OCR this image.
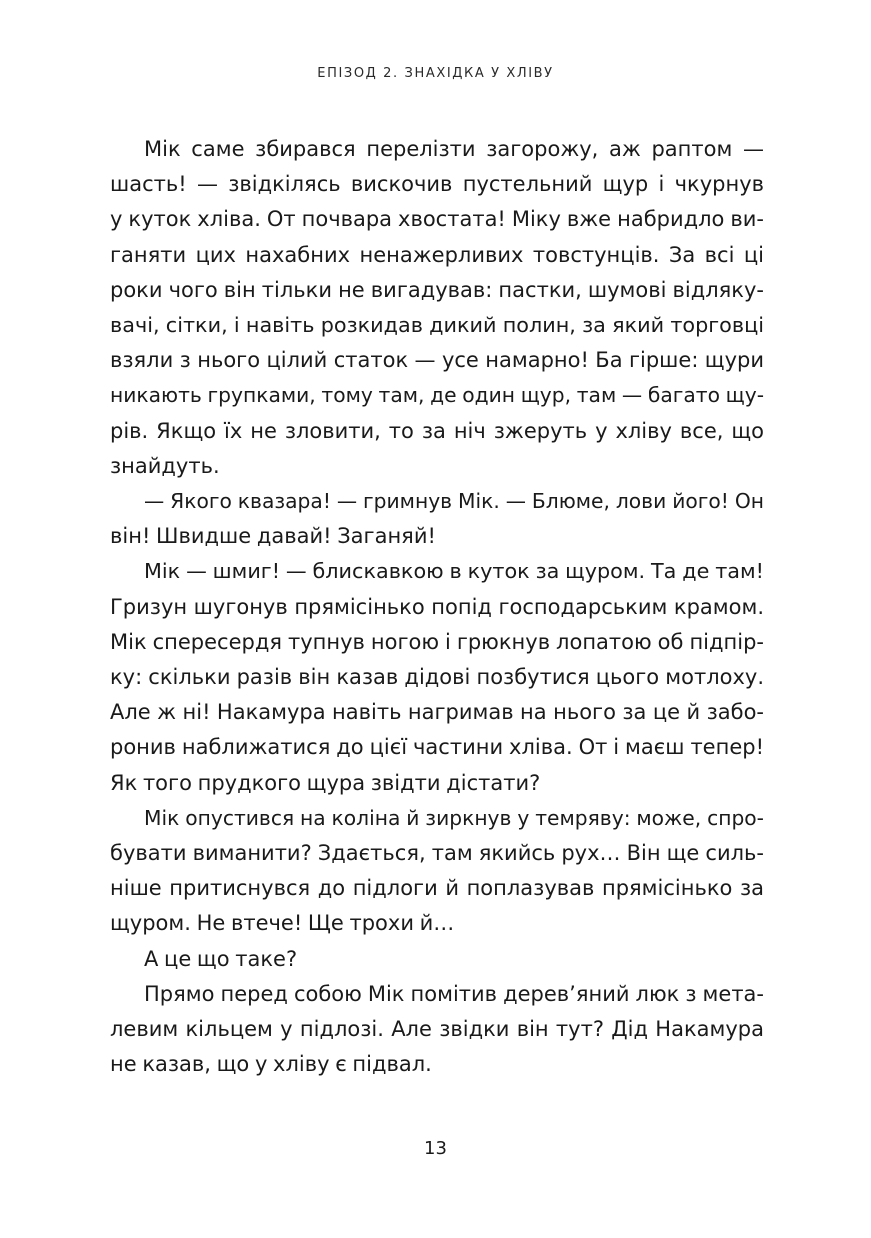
ЕПІЗОД 2. ЗНАХІДКА У ХЛІВУ

Мік саме збирався перелізти загорожу, аж раптом —
шасть! — звідкілясь вискочив пустельний щур і чкурнув
у куток хліва. От почвара хвостата! Міку вже набридло ви-
ганяти цих нахабних ненажерливих товстунців. За всі ці
роки чого він тільки не вигадував: пастки, шумові відляку-
вачі, сітки, і навіть розкидав дикий полин, за який торговці
взяли з нього цілий статок — усе намарно! Ба гірше: щури
никають групками, тому там, де один щур, там — багато щу-
рів. Якщо їх не зловити, то за ніч зжеруть у хліву все, що
знайдуть.

— Якого квазара! — гримнув Мік. — Блюме, лови його! Он
він! Швидше давай! Заганяй!

Мік — шмиг! — блискавкою в куток за щуром. Та де там!
Гризун шугонув прямісінько попід господарським крамом.
Мік спересердя тупнув ногою і грюкнув лопатою об підпір-
ку: скільки разів він казав дідові позбутися цього мотлоху.
Але ж ні! Накамура навіть нагримав на нього за це й забо-
ронив наближатися до цієї частини хліва. От і маєш тепер!
Як того прудкого щура звідти дістати?

Мік опустився на коліна й зиркнув у темряву: може, спро-
бувати виманити? Здається, там якийсь рух… Він ще силь-
ніше притиснувся до підлоги й поплазував прямісінько за
щуром. Не втече! Ще трохи й…

А це що таке?

Прямо перед собою Мік помітив дерев’яний люк з мета-
левим кільцем у підлозі. Але звідки він тут? Дід Накамура
не казав, що у хліву є підвал.

13
